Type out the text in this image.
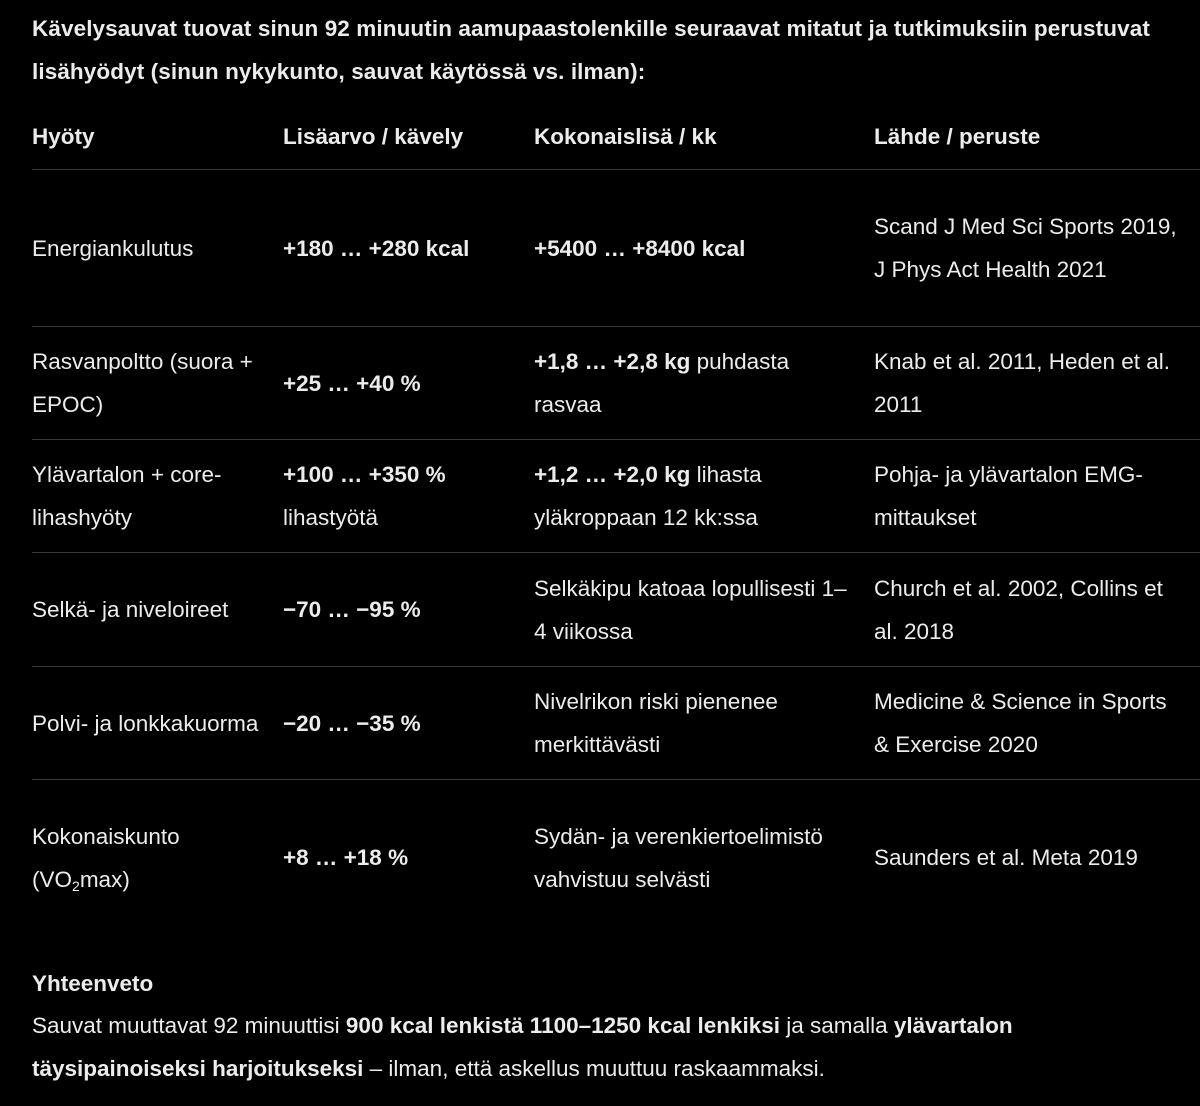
Kävelysauvat tuovat sinun 92 minuutin aamupaastolenkille seuraavat mitatut ja tutkimuksiin perustuvat lisähyödyt (sinun nykykunto, sauvat käytössä vs. ilman):

Hyöty	Lisäarvo / kävely	Kokonaislisä / kk	Lähde / peruste
Energiankulutus	+180 … +280 kcal	+5400 … +8400 kcal	Scand J Med Sci Sports 2019, J Phys Act Health 2021
Rasvanpoltto (suora + EPOC)	+25 … +40 %	+1,8 … +2,8 kg puhdasta rasvaa	Knab et al. 2011, Heden et al. 2011
Ylävartalon + core-lihashyöty	+100 … +350 % lihastyötä	+1,2 … +2,0 kg lihasta yläkroppaan 12 kk:ssa	Pohja- ja ylävartalon EMG-mittaukset
Selkä- ja niveloireet	−70 … −95 %	Selkäkipu katoaa lopullisesti 1–4 viikossa	Church et al. 2002, Collins et al. 2018
Polvi- ja lonkkakuorma	−20 … −35 %	Nivelrikon riski pienenee merkittävästi	Medicine & Science in Sports & Exercise 2020
Kokonaiskunto $(VO_2\max)$	+8 … +18 %	Sydän- ja verenkiertoelimistö vahvistuu selvästi	Saunders et al. Meta 2019
Yhteenveto

Sauvat muuttavat 92 minuuttisi 900 kcal lenkistä 1100–1250 kcal lenkiksi ja samalla ylävartalon täysipainoiseksi harjoitukseksi – ilman, että askellus muuttuu raskaammaksi.
